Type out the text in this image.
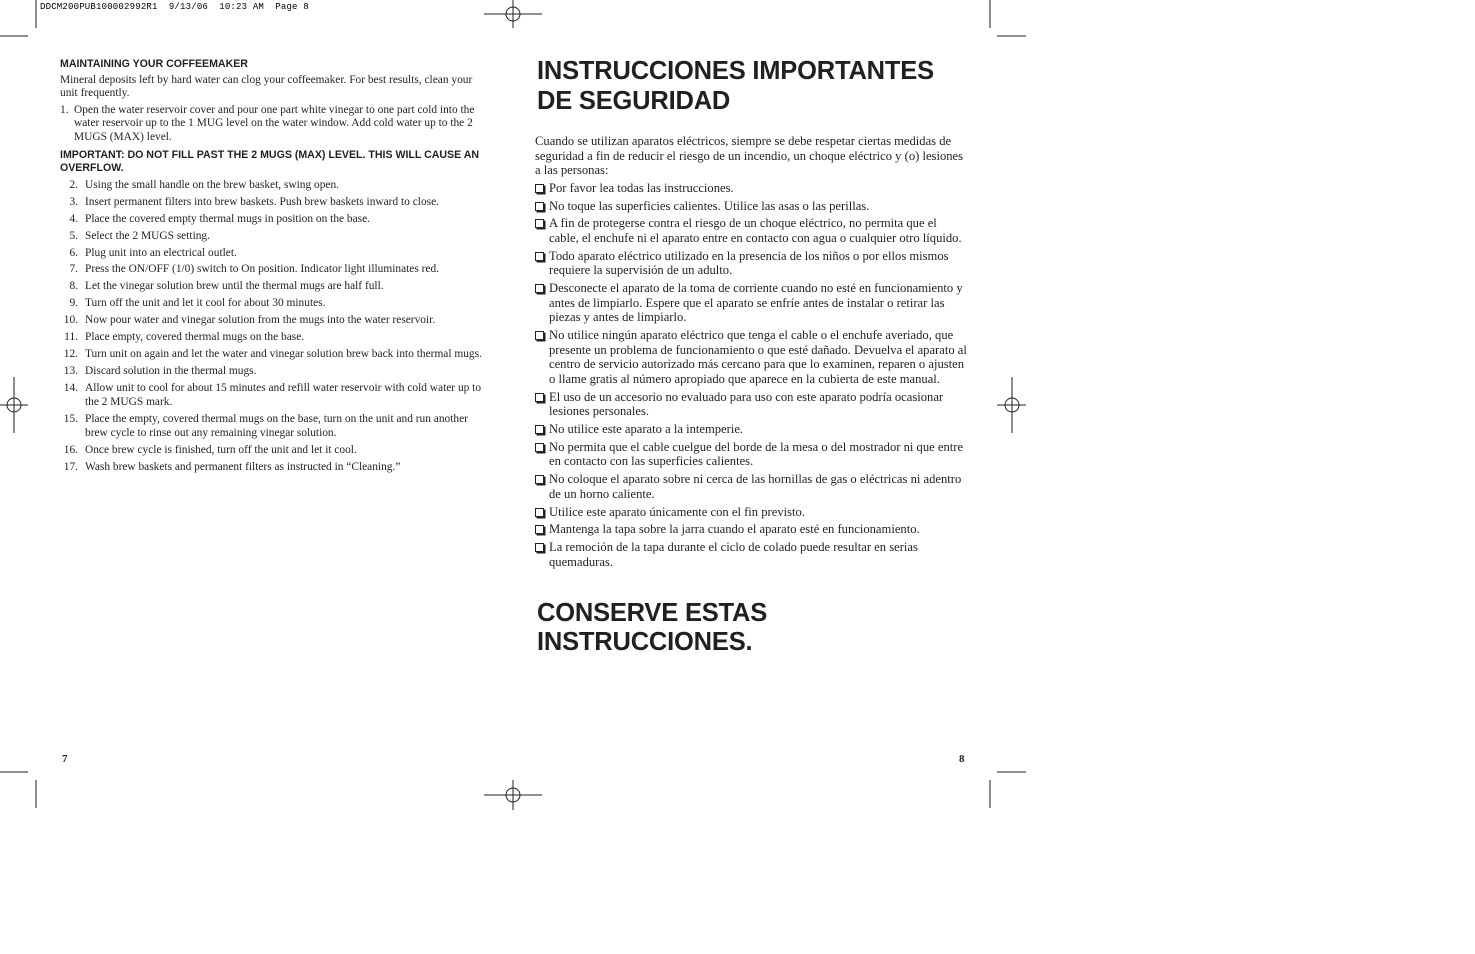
DDCM200PUB100002992R1  9/13/06  10:23 AM  Page 8
MAINTAINING YOUR COFFEEMAKER
Mineral deposits left by hard water can clog your coffeemaker. For best results, clean your unit frequently.
1. Open the water reservoir cover and pour one part white vinegar to one part cold into the water reservoir up to the 1 MUG level on the water window. Add cold water up to the 2 MUGS (MAX) level.
IMPORTANT: DO NOT FILL PAST THE 2 MUGS (MAX) LEVEL. THIS WILL CAUSE AN OVERFLOW.
2. Using the small handle on the brew basket, swing open.
3. Insert permanent filters into brew baskets. Push brew baskets inward to close.
4. Place the covered empty thermal mugs in position on the base.
5. Select the 2 MUGS setting.
6. Plug unit into an electrical outlet.
7. Press the ON/OFF (1/0) switch to On position. Indicator light illuminates red.
8. Let the vinegar solution brew until the thermal mugs are half full.
9. Turn off the unit and let it cool for about 30 minutes.
10. Now pour water and vinegar solution from the mugs into the water reservoir.
11. Place empty, covered thermal mugs on the base.
12. Turn unit on again and let the water and vinegar solution brew back into thermal mugs.
13. Discard solution in the thermal mugs.
14. Allow unit to cool for about 15 minutes and refill water reservoir with cold water up to the 2 MUGS mark.
15. Place the empty, covered thermal mugs on the base, turn on the unit and run another brew cycle to rinse out any remaining vinegar solution.
16. Once brew cycle is finished, turn off the unit and let it cool.
17. Wash brew baskets and permanent filters as instructed in “Cleaning.”
7
INSTRUCCIONES IMPORTANTES
DE SEGURIDAD
Cuando se utilizan aparatos eléctricos, siempre se debe respetar ciertas medidas de seguridad a fin de reducir el riesgo de un incendio, un choque eléctrico y (o) lesiones a las personas:
Por favor lea todas las instrucciones.
No toque las superficies calientes. Utilice las asas o las perillas.
A fin de protegerse contra el riesgo de un choque eléctrico, no permita que el cable, el enchufe ni el aparato entre en contacto con agua o cualquier otro líquido.
Todo aparato eléctrico utilizado en la presencia de los niños o por ellos mismos requiere la supervisión de un adulto.
Desconecte el aparato de la toma de corriente cuando no esté en funcionamiento y antes de limpiarlo. Espere que el aparato se enfríe antes de instalar o retirar las piezas y antes de limpiarlo.
No utilice ningún aparato eléctrico que tenga el cable o el enchufe averiado, que presente un problema de funcionamiento o que esté dañado. Devuelva el aparato al centro de servicio autorizado más cercano para que lo examinen, reparen o ajusten o llame gratis al número apropiado que aparece en la cubierta de este manual.
El uso de un accesorio no evaluado para uso con este aparato podría ocasionar lesiones personales.
No utilice este aparato a la intemperie.
No permita que el cable cuelgue del borde de la mesa o del mostrador ni que entre en contacto con las superficies calientes.
No coloque el aparato sobre ni cerca de las hornillas de gas o eléctricas ni adentro de un horno caliente.
Utilice este aparato únicamente con el fin previsto.
Mantenga la tapa sobre la jarra cuando el aparato esté en funcionamiento.
La remoción de la tapa durante el ciclo de colado puede resultar en serias quemaduras.
CONSERVE ESTAS INSTRUCCIONES.
8
